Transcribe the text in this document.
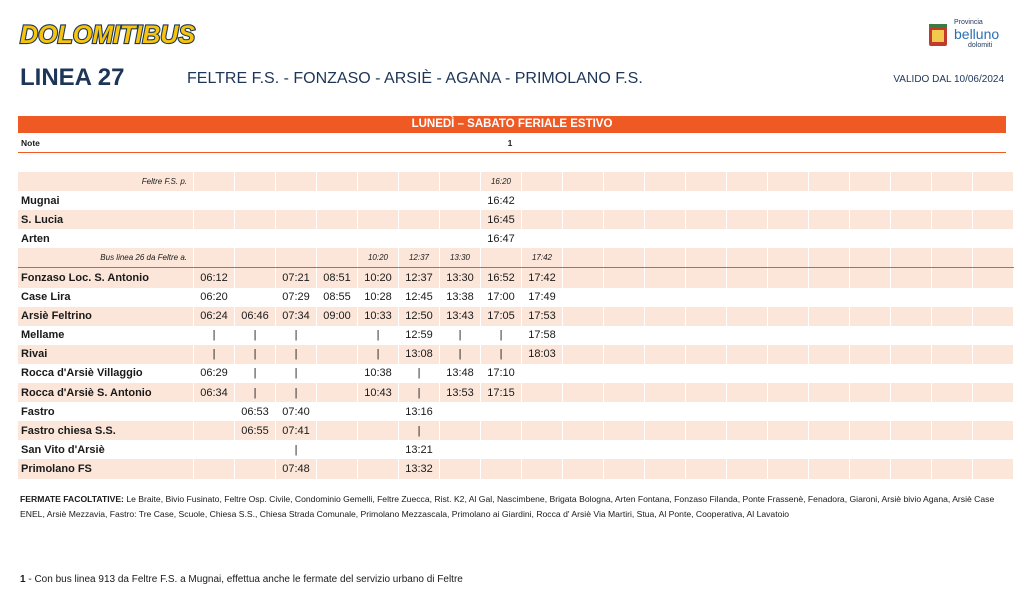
DOLOMITIBUS	Provincia
belluno
dolomiti
LINEA 27	FELTRE F.S. - FONZASO - ARSIÈ - AGANA - PRIMOLANO F.S.	VALIDO DAL 10/06/2024
LUNEDÌ – SABATO FERIALE ESTIVO
Note	1
Feltre F.S. p.								16:20												
Mugnai								16:42												
S. Lucia								16:45												
Arten								16:47												
Bus linea 26 da Feltre a.					10:20	12:37	13:30		17:42											
Fonzaso Loc. S. Antonio	06:12		07:21	08:51	10:20	12:37	13:30	16:52	17:42											
Case Lira	06:20		07:29	08:55	10:28	12:45	13:38	17:00	17:49											
Arsiè Feltrino	06:24	06:46	07:34	09:00	10:33	12:50	13:43	17:05	17:53											
Mellame	|	|	|		|	12:59	|	|	17:58											
Rivai	|	|	|		|	13:08	|	|	18:03											
Rocca d'Arsiè Villaggio	06:29	|	|		10:38	|	13:48	17:10												
Rocca d'Arsiè S. Antonio	06:34	|	|		10:43	|	13:53	17:15												
Fastro		06:53	07:40			13:16														
Fastro chiesa S.S.		06:55	07:41			|														
San Vito d'Arsiè			|			13:21														
Primolano FS			07:48			13:32														
FERMATE FACOLTATIVE: Le Braite, Bivio Fusinato, Feltre Osp. Civile, Condominio Gemelli, Feltre Zuecca, Rist. K2, Al Gal, Nascimbene, Brigata Bologna, Arten Fontana, Fonzaso Filanda, Ponte Frassenè, Fenadora, Giaroni, Arsiè bivio Agana, Arsiè Case ENEL, Arsiè Mezzavia, Fastro: Tre Case, Scuole, Chiesa S.S., Chiesa Strada Comunale, Primolano Mezzascala, Primolano ai Giardini, Rocca d' Arsiè Via Martiri, Stua, Al Ponte, Cooperativa, Al Lavatoio
1 - Con bus linea 913 da Feltre F.S. a Mugnai, effettua anche le fermate del servizio urbano di Feltre
